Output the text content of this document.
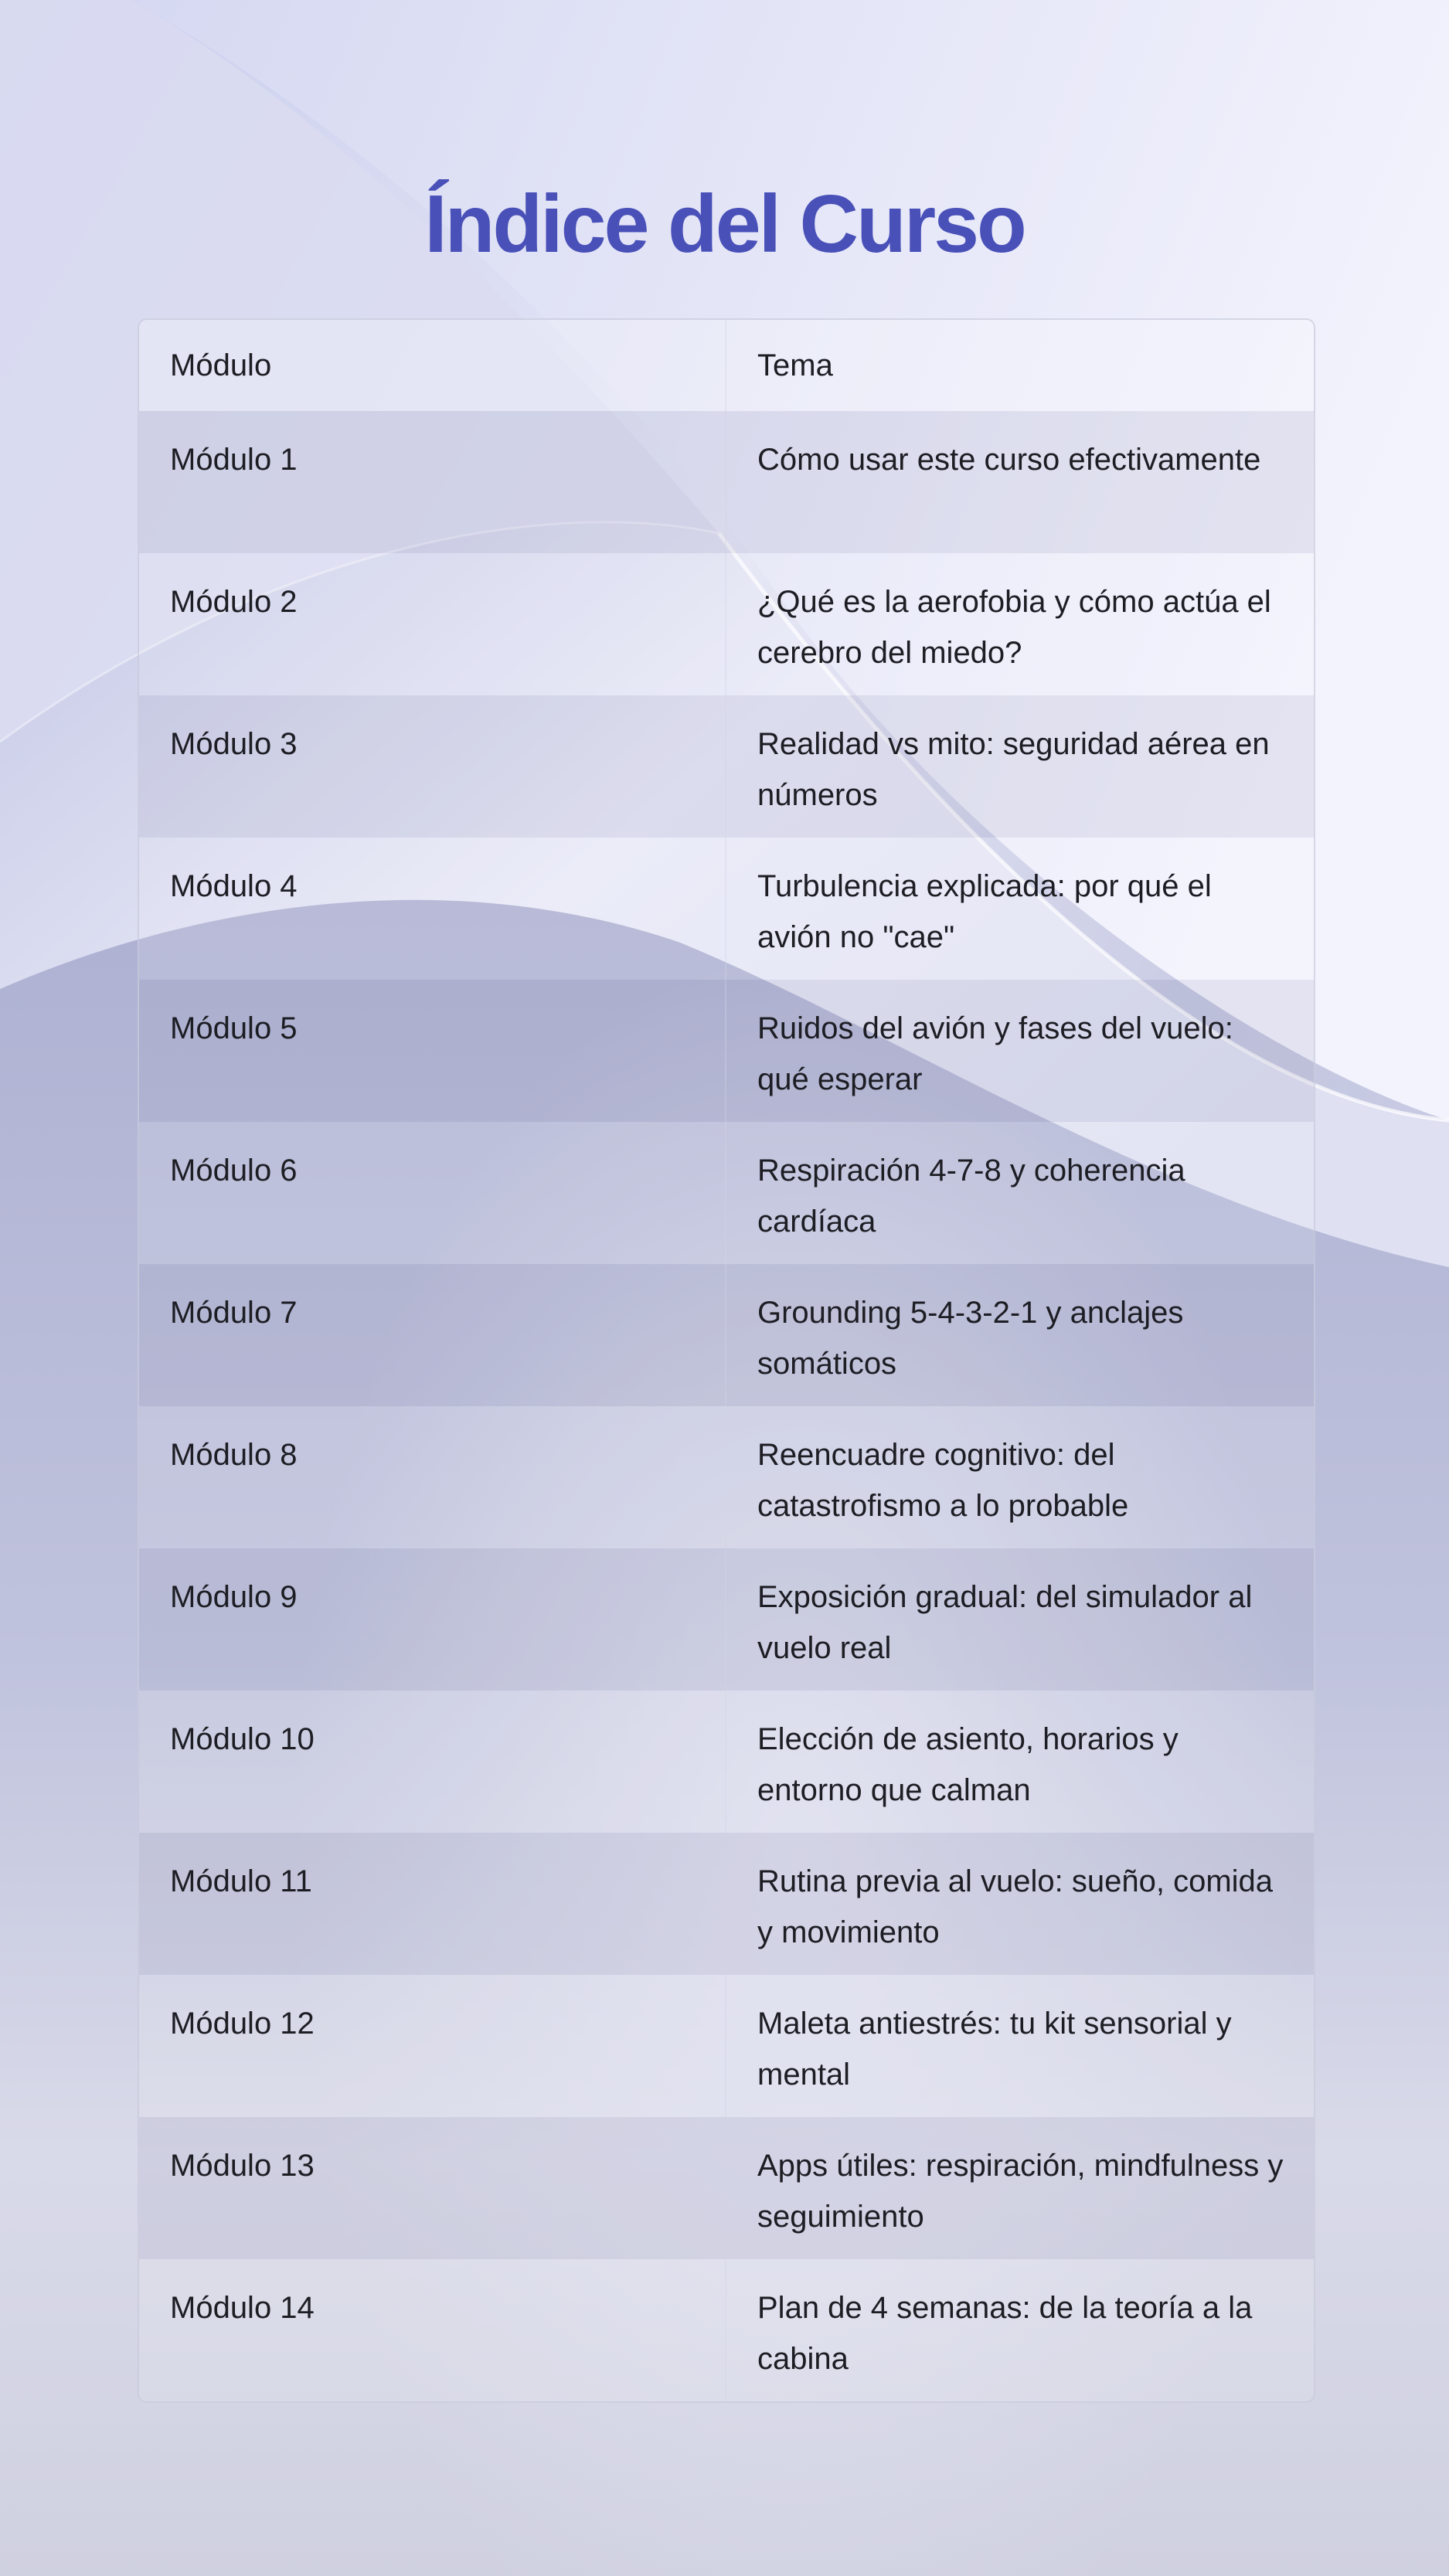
Índice del Curso
Módulo	Tema
Módulo 1	Cómo usar este curso efectivamente
Módulo 2	¿Qué es la aerofobia y cómo actúa el cerebro del miedo?
Módulo 3	Realidad vs mito: seguridad aérea en números
Módulo 4	Turbulencia explicada: por qué el avión no "cae"
Módulo 5	Ruidos del avión y fases del vuelo: qué esperar
Módulo 6	Respiración 4-7-8 y coherencia cardíaca
Módulo 7	Grounding 5-4-3-2-1 y anclajes somáticos
Módulo 8	Reencuadre cognitivo: del catastrofismo a lo probable
Módulo 9	Exposición gradual: del simulador al vuelo real
Módulo 10	Elección de asiento, horarios y entorno que calman
Módulo 11	Rutina previa al vuelo: sueño, comida y movimiento
Módulo 12	Maleta antiestrés: tu kit sensorial y mental
Módulo 13	Apps útiles: respiración, mindfulness y seguimiento
Módulo 14	Plan de 4 semanas: de la teoría a la cabina
